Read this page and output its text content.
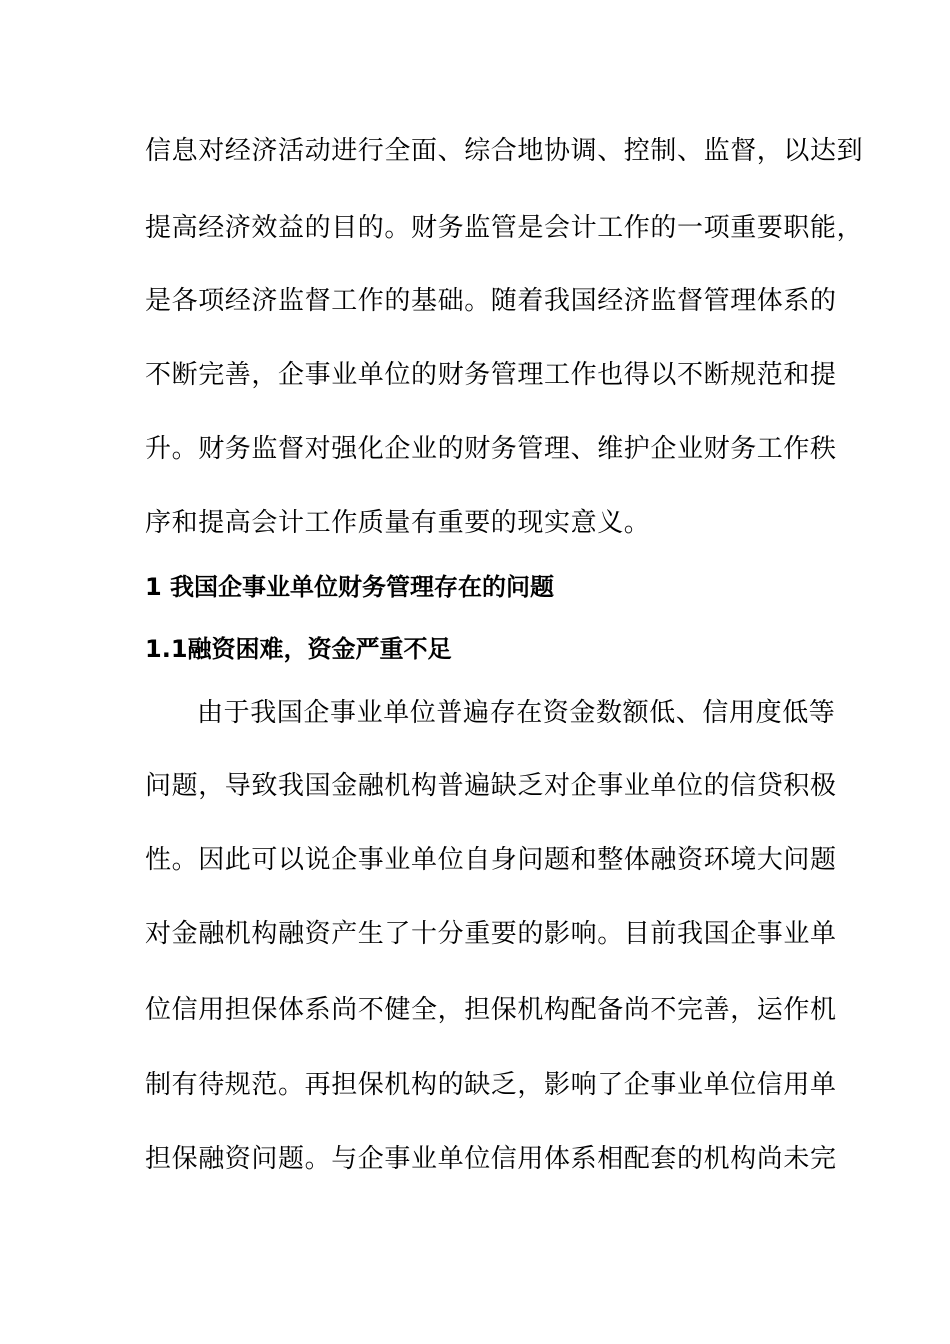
信息对经济活动进行全面、综合地协调、控制、监督，以达到
提高经济效益的目的。财务监管是会计工作的一项重要职能，
是各项经济监督工作的基础。随着我国经济监督管理体系的
不断完善，企事业单位的财务管理工作也得以不断规范和提
升。财务监督对强化企业的财务管理、维护企业财务工作秩
序和提高会计工作质量有重要的现实意义。
1 我国企事业单位财务管理存在的问题
1.1融资困难，资金严重不足
由于我国企事业单位普遍存在资金数额低、信用度低等
问题，导致我国金融机构普遍缺乏对企事业单位的信贷积极
性。因此可以说企事业单位自身问题和整体融资环境大问题
对金融机构融资产生了十分重要的影响。目前我国企事业单
位信用担保体系尚不健全，担保机构配备尚不完善，运作机
制有待规范。再担保机构的缺乏，影响了企事业单位信用单
担保融资问题。与企事业单位信用体系相配套的机构尚未完
